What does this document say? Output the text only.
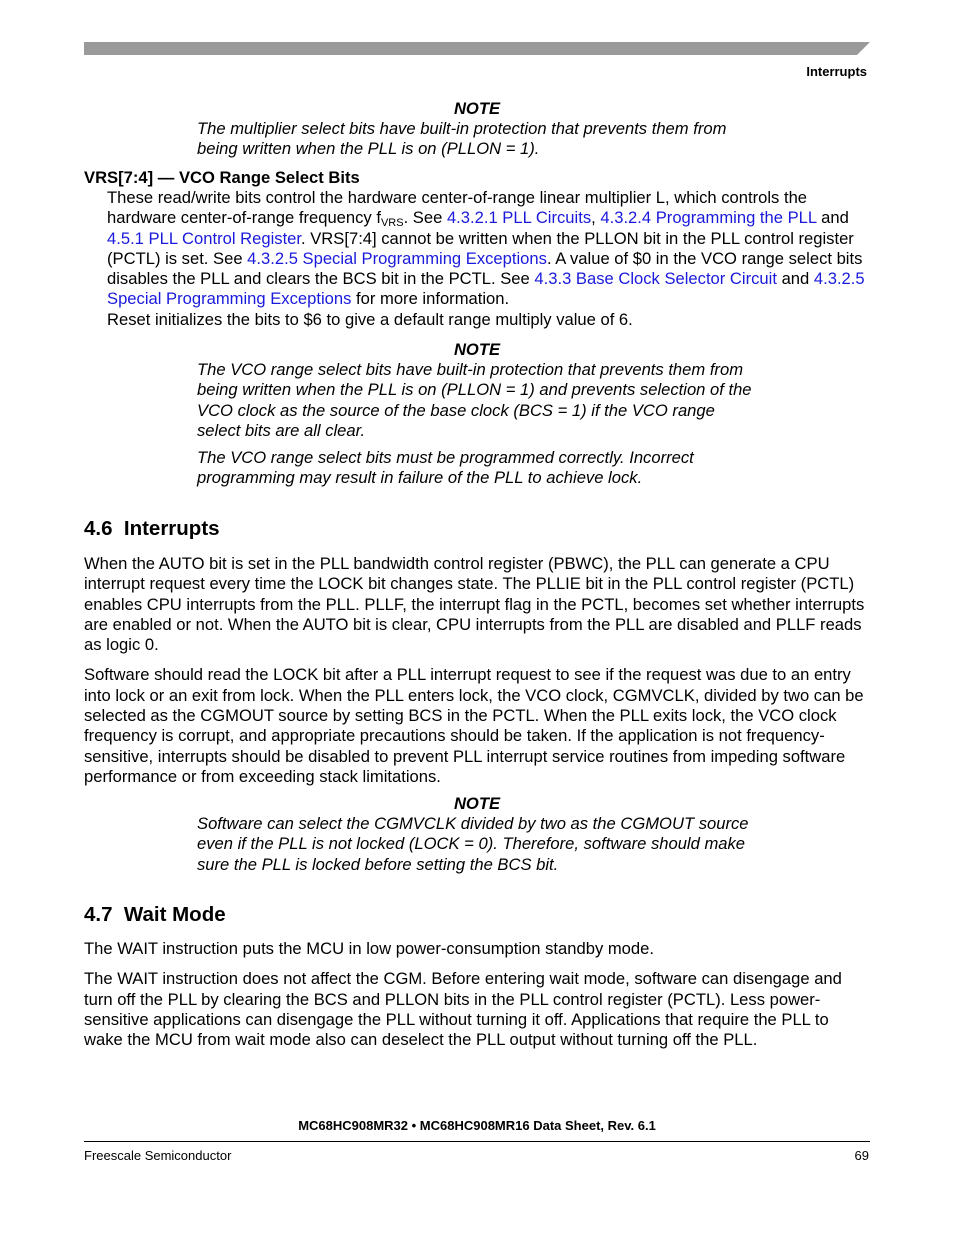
Interrupts
NOTE

The multiplier select bits have built-in protection that prevents them from being written when the PLL is on (PLLON = 1).

VRS[7:4] — VCO Range Select Bits

These read/write bits control the hardware center-of-range linear multiplier L, which controls the hardware center-of-range frequency $f_{VRS}$. See 4.3.2.1 PLL Circuits, 4.3.2.4 Programming the PLL and 4.5.1 PLL Control Register. VRS[7:4] cannot be written when the PLLON bit in the PLL control register (PCTL) is set. See 4.3.2.5 Special Programming Exceptions. A value of $0 in the VCO range select bits disables the PLL and clears the BCS bit in the PCTL. See 4.3.3 Base Clock Selector Circuit and 4.3.2.5 Special Programming Exceptions for more information.

Reset initializes the bits to $6 to give a default range multiply value of 6.

NOTE

The VCO range select bits have built-in protection that prevents them from being written when the PLL is on (PLLON = 1) and prevents selection of the VCO clock as the source of the base clock (BCS = 1) if the VCO range select bits are all clear.

The VCO range select bits must be programmed correctly. Incorrect programming may result in failure of the PLL to achieve lock.

4.6  Interrupts

When the AUTO bit is set in the PLL bandwidth control register (PBWC), the PLL can generate a CPU interrupt request every time the LOCK bit changes state. The PLLIE bit in the PLL control register (PCTL) enables CPU interrupts from the PLL. PLLF, the interrupt flag in the PCTL, becomes set whether interrupts are enabled or not. When the AUTO bit is clear, CPU interrupts from the PLL are disabled and PLLF reads as logic 0.

Software should read the LOCK bit after a PLL interrupt request to see if the request was due to an entry into lock or an exit from lock. When the PLL enters lock, the VCO clock, CGMVCLK, divided by two can be selected as the CGMOUT source by setting BCS in the PCTL. When the PLL exits lock, the VCO clock frequency is corrupt, and appropriate precautions should be taken. If the application is not frequency-sensitive, interrupts should be disabled to prevent PLL interrupt service routines from impeding software performance or from exceeding stack limitations.

NOTE

Software can select the CGMVCLK divided by two as the CGMOUT source even if the PLL is not locked (LOCK = 0). Therefore, software should make sure the PLL is locked before setting the BCS bit.

4.7  Wait Mode

The WAIT instruction puts the MCU in low power-consumption standby mode.

The WAIT instruction does not affect the CGM. Before entering wait mode, software can disengage and turn off the PLL by clearing the BCS and PLLON bits in the PLL control register (PCTL). Less power-sensitive applications can disengage the PLL without turning it off. Applications that require the PLL to wake the MCU from wait mode also can deselect the PLL output without turning off the PLL.

MC68HC908MR32 • MC68HC908MR16 Data Sheet, Rev. 6.1
Freescale Semiconductor	69
